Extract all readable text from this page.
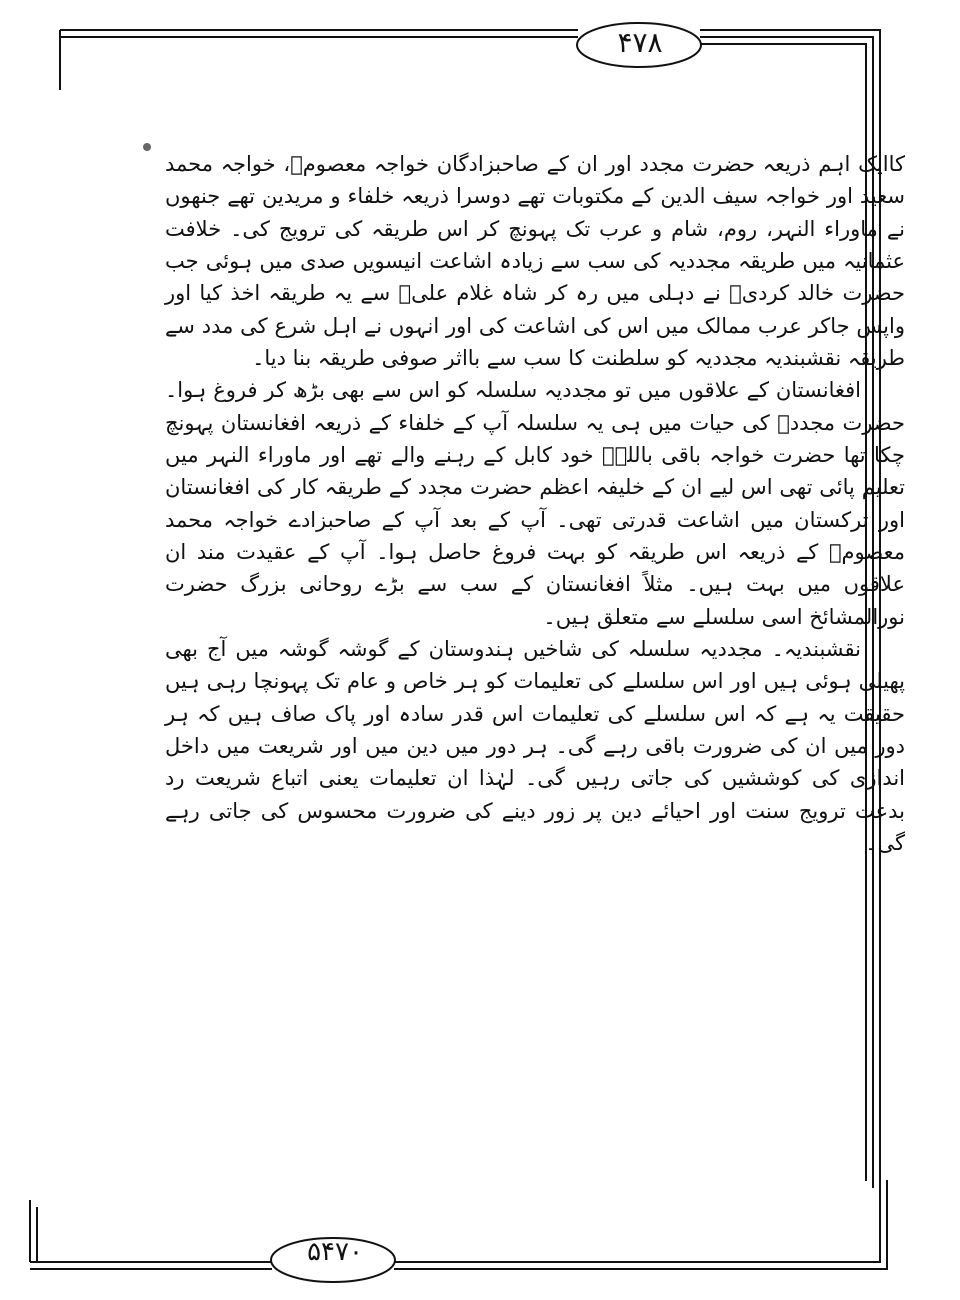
۴۷۸
۵۴۷۰

کاایک اہم ذریعہ حضرت مجدد اور ان کے صاحبزادگان خواجہ معصومؒ، خواجہ محمد سعید اور خواجہ سیف الدین کے مکتوبات تھے دوسرا ذریعہ خلفاء و مریدین تھے جنھوں نے ماوراء النہر، روم، شام و عرب تک پہونچ کر اس طریقہ کی ترویج کی۔ خلافت عثمانیہ میں طریقہ مجددیہ کی سب سے زیادہ اشاعت انیسویں صدی میں ہوئی جب حضرت خالد کردیؒ نے دہلی میں رہ کر شاہ غلام علیؒ سے یہ طریقہ اخذ کیا اور واپس جاکر عرب ممالک میں اس کی اشاعت کی اور انہوں نے اہل شرع کی مدد سے طریقہ نقشبندیہ مجددیہ کو سلطنت کا سب سے بااثر صوفی طریقہ بنا دیا۔

افغانستان کے علاقوں میں تو مجددیہ سلسلہ کو اس سے بھی بڑھ کر فروغ ہوا۔ حضرت مجددؒ کی حیات میں ہی یہ سلسلہ آپ کے خلفاء کے ذریعہ افغانستان پہونچ چکا تھا حضرت خواجہ باقی باللہؒ خود کابل کے رہنے والے تھے اور ماوراء النہر میں تعلیم پائی تھی اس لیے ان کے خلیفہ اعظم حضرت مجدد کے طریقہ کار کی افغانستان اور ترکستان میں اشاعت قدرتی تھی۔ آپ کے بعد آپ کے صاحبزادے خواجہ محمد معصومؒ کے ذریعہ اس طریقہ کو بہت فروغ حاصل ہوا۔ آپ کے عقیدت مند ان علاقوں میں بہت ہیں۔ مثلاً افغانستان کے سب سے بڑے روحانی بزرگ حضرت نورالمشائخ اسی سلسلے سے متعلق ہیں۔

نقشبندیہ۔ مجددیہ سلسلہ کی شاخیں ہندوستان کے گوشہ گوشہ میں آج بھی پھیلی ہوئی ہیں اور اس سلسلے کی تعلیمات کو ہر خاص و عام تک پہونچا رہی ہیں حقیقت یہ ہے کہ اس سلسلے کی تعلیمات اس قدر سادہ اور پاک صاف ہیں کہ ہر دور میں ان کی ضرورت باقی رہے گی۔ ہر دور میں دین میں اور شریعت میں داخل اندازی کی کوششیں کی جاتی رہیں گی۔ لہٰذا ان تعلیمات یعنی اتباع شریعت رد بدعت ترویج سنت اور احیائے دین پر زور دینے کی ضرورت محسوس کی جاتی رہے گی۔
